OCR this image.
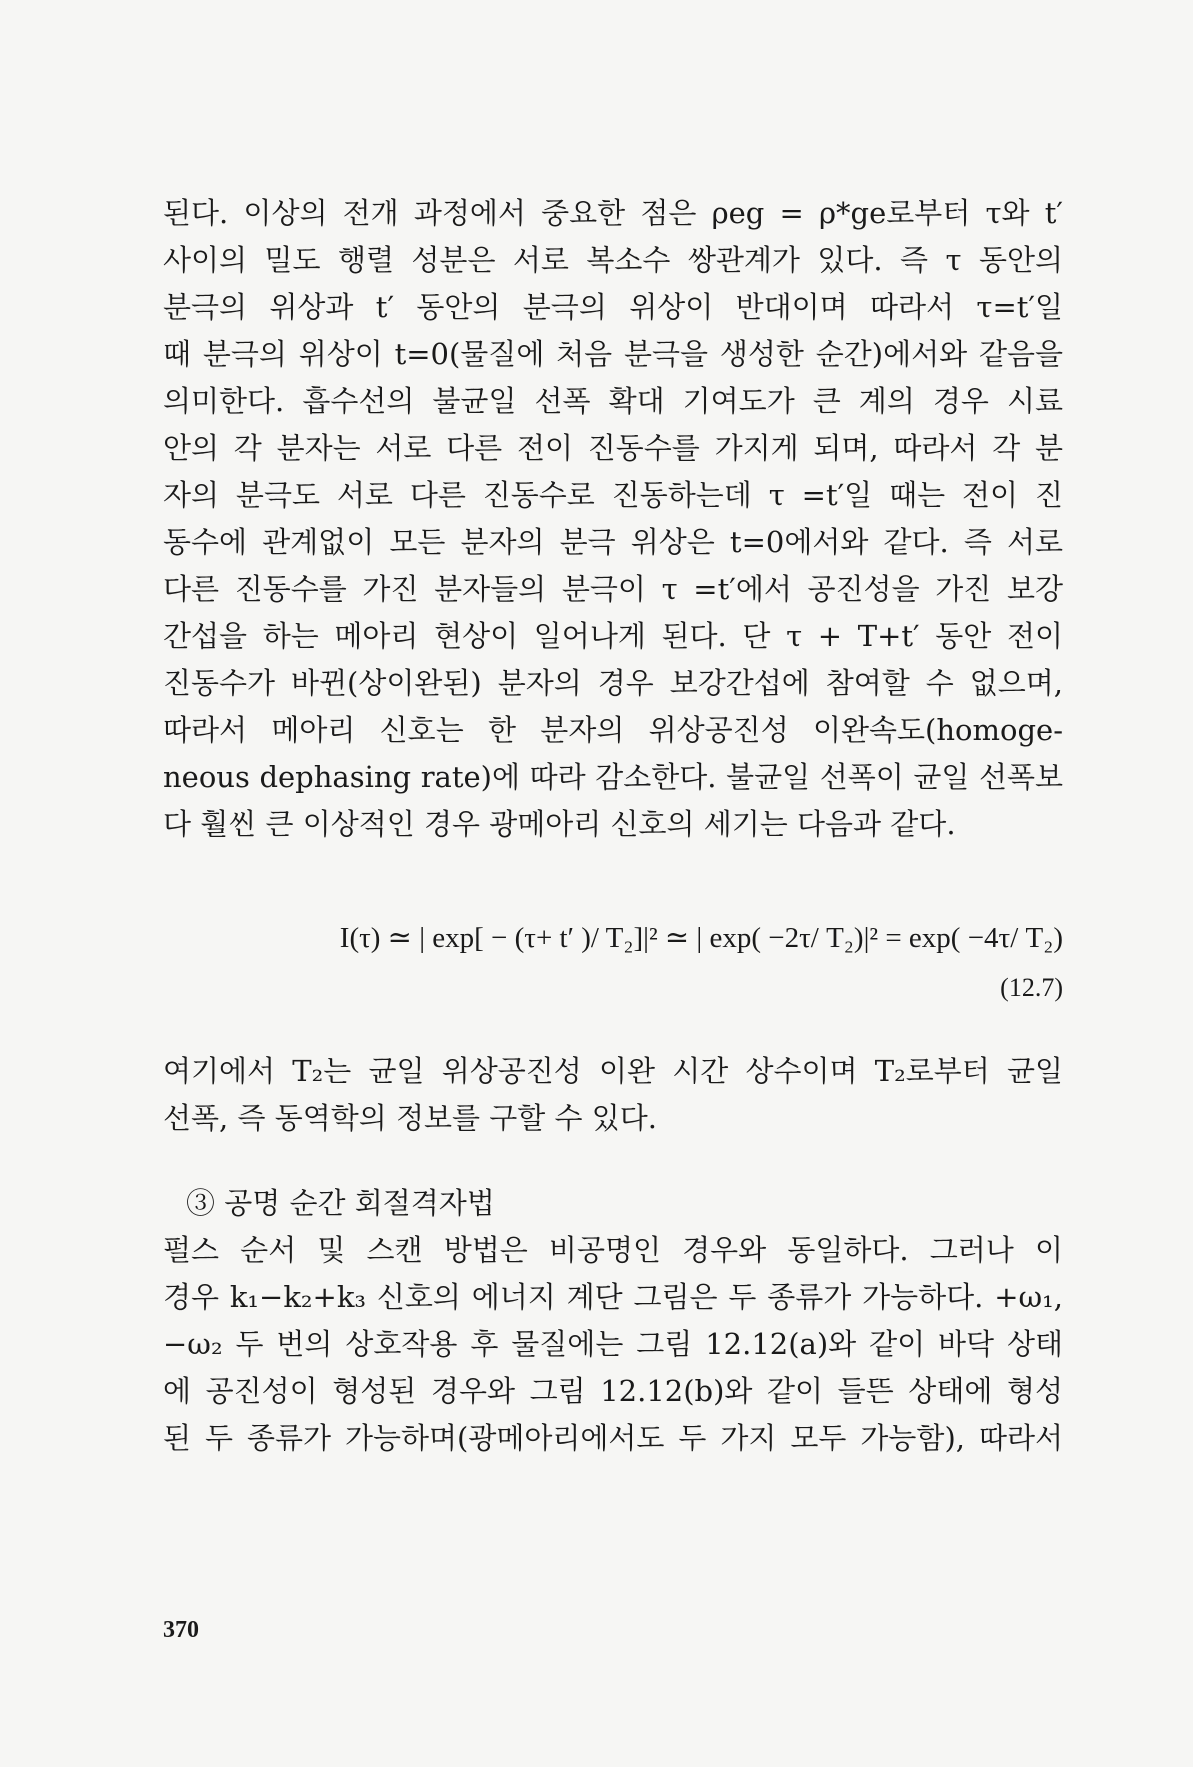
된다. 이상의 전개 과정에서 중요한 점은 ρeg = ρ*ge로부터 τ와 t′
사이의 밀도 행렬 성분은 서로 복소수 쌍관계가 있다. 즉 τ 동안의
분극의 위상과 t′ 동안의 분극의 위상이 반대이며 따라서 τ=t′일
때 분극의 위상이 t=0(물질에 처음 분극을 생성한 순간)에서와 같음을
의미한다. 흡수선의 불균일 선폭 확대 기여도가 큰 계의 경우 시료
안의 각 분자는 서로 다른 전이 진동수를 가지게 되며, 따라서 각 분
자의 분극도 서로 다른 진동수로 진동하는데 τ =t′일 때는 전이 진
동수에 관계없이 모든 분자의 분극 위상은 t=0에서와 같다. 즉 서로
다른 진동수를 가진 분자들의 분극이 τ =t′에서 공진성을 가진 보강
간섭을 하는 메아리 현상이 일어나게 된다. 단 τ + T+t′ 동안 전이
진동수가 바뀐(상이완된) 분자의 경우 보강간섭에 참여할 수 없으며,
따라서 메아리 신호는 한 분자의 위상공진성 이완속도(homoge-
neous dephasing rate)에 따라 감소한다. 불균일 선폭이 균일 선폭보
다 훨씬 큰 이상적인 경우 광메아리 신호의 세기는 다음과 같다.
I(τ) ≃ | exp[ − (τ+ t′ )/ T₂]|² ≃ | exp( −2τ/ T₂)|² = exp( −4τ/ T₂)
(12.7)
여기에서 T₂는 균일 위상공진성 이완 시간 상수이며 T₂로부터 균일
선폭, 즉 동역학의 정보를 구할 수 있다.
③ 공명 순간 회절격자법
펄스 순서 및 스캔 방법은 비공명인 경우와 동일하다. 그러나 이
경우 k₁−k₂+k₃ 신호의 에너지 계단 그림은 두 종류가 가능하다. +ω₁,
−ω₂ 두 번의 상호작용 후 물질에는 그림 12.12(a)와 같이 바닥 상태
에 공진성이 형성된 경우와 그림 12.12(b)와 같이 들뜬 상태에 형성
된 두 종류가 가능하며(광메아리에서도 두 가지 모두 가능함), 따라서
370
